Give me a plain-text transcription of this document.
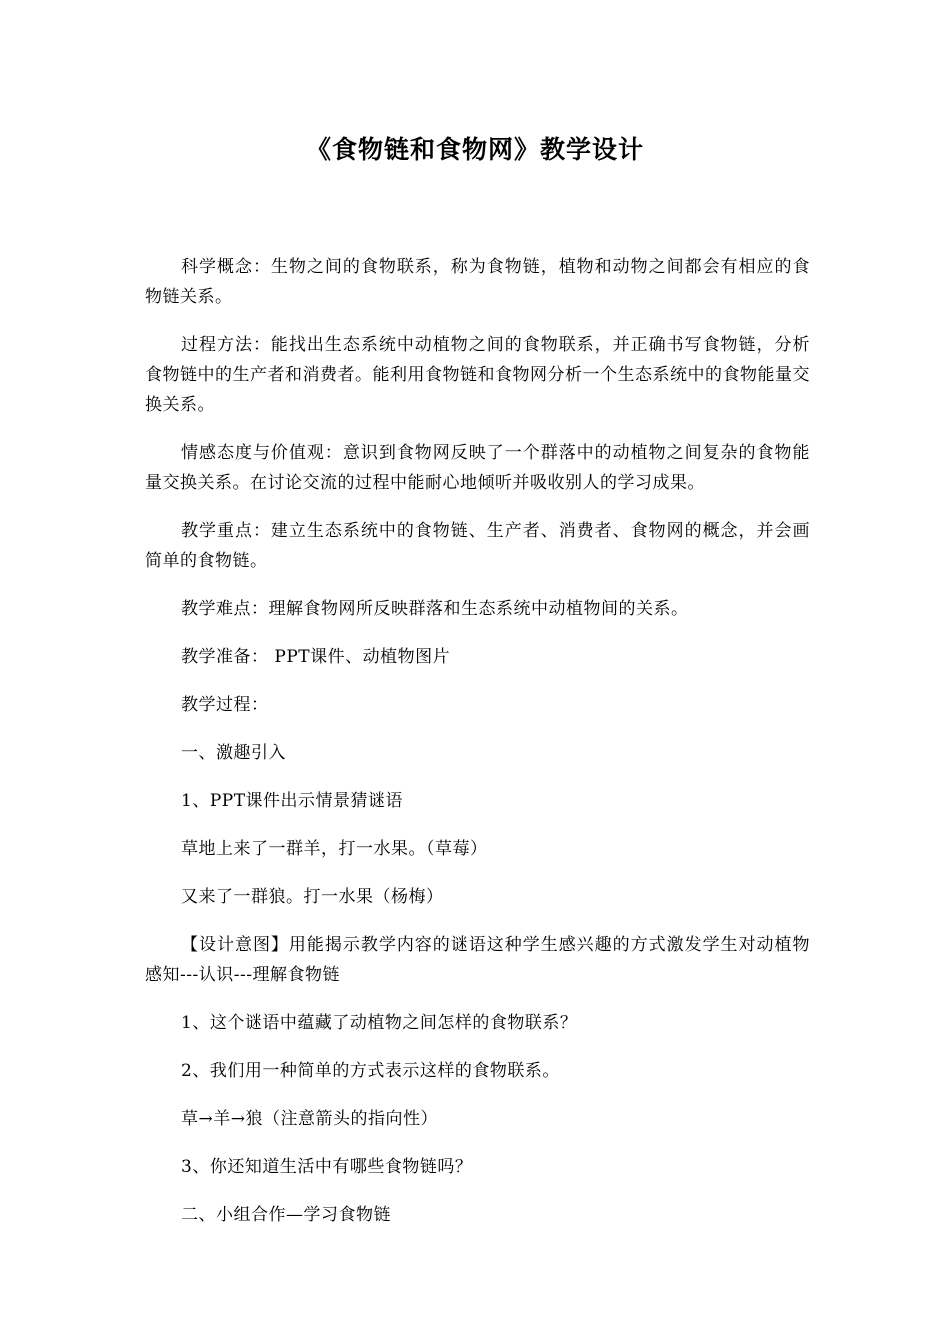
《食物链和食物网》教学设计

科学概念：生物之间的食物联系，称为食物链，植物和动物之间都会有相应的食物链关系。

过程方法：能找出生态系统中动植物之间的食物联系，并正确书写食物链，分析食物链中的生产者和消费者。能利用食物链和食物网分析一个生态系统中的食物能量交换关系。

情感态度与价值观：意识到食物网反映了一个群落中的动植物之间复杂的食物能量交换关系。在讨论交流的过程中能耐心地倾听并吸收别人的学习成果。

教学重点：建立生态系统中的食物链、生产者、消费者、食物网的概念，并会画简单的食物链。

教学难点：理解食物网所反映群落和生态系统中动植物间的关系。

教学准备： PPT课件、动植物图片

教学过程：

一、激趣引入

1、PPT课件出示情景猜谜语

草地上来了一群羊，打一水果。（草莓）

又来了一群狼。打一水果（杨梅）

【设计意图】用能揭示教学内容的谜语这种学生感兴趣的方式激发学生对动植物感知---认识---理解食物链

1、这个谜语中蕴藏了动植物之间怎样的食物联系？

2、我们用一种简单的方式表示这样的食物联系。

草→羊→狼（注意箭头的指向性）

3、你还知道生活中有哪些食物链吗？

二、小组合作—学习食物链
